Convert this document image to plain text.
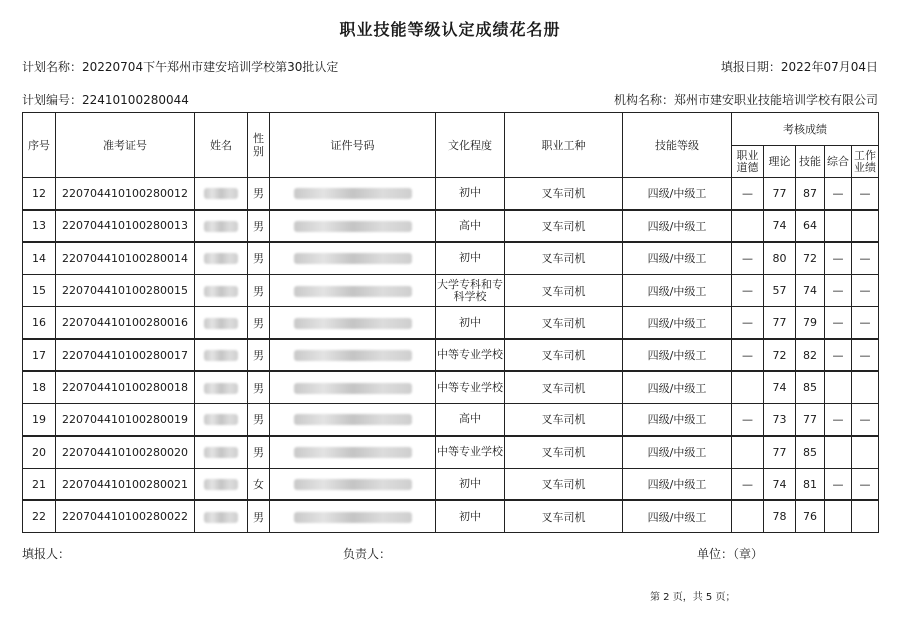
职业技能等级认定成绩花名册
计划名称：20220704下午郑州市建安培训学校第30批认定	填报日期：2022年07月04日
计划编号：22410100280044	机构名称：郑州市建安职业技能培训学校有限公司
序号	准考证号	姓名	性别	证件号码	文化程度	职业工种	技能等级	考核成绩				
								职业道德	理论	技能	综合	工作业绩
12	220704410100280012		男		初中	叉车司机	四级/中级工	—	77	87	—	—
13	220704410100280013		男		高中	叉车司机	四级/中级工		74	64		
14	220704410100280014		男		初中	叉车司机	四级/中级工	—	80	72	—	—
15	220704410100280015		男		大学专科和专科学校	叉车司机	四级/中级工	—	57	74	—	—
16	220704410100280016		男		初中	叉车司机	四级/中级工	—	77	79	—	—
17	220704410100280017		男		中等专业学校	叉车司机	四级/中级工	—	72	82	—	—
18	220704410100280018		男		中等专业学校	叉车司机	四级/中级工		74	85		
19	220704410100280019		男		高中	叉车司机	四级/中级工	—	73	77	—	—
20	220704410100280020		男		中等专业学校	叉车司机	四级/中级工		77	85		
21	220704410100280021		女		初中	叉车司机	四级/中级工	—	74	81	—	—
22	220704410100280022		男		初中	叉车司机	四级/中级工		78	76		
填报人：	负责人：	单位：（章）
第 2 页，共 5 页；
